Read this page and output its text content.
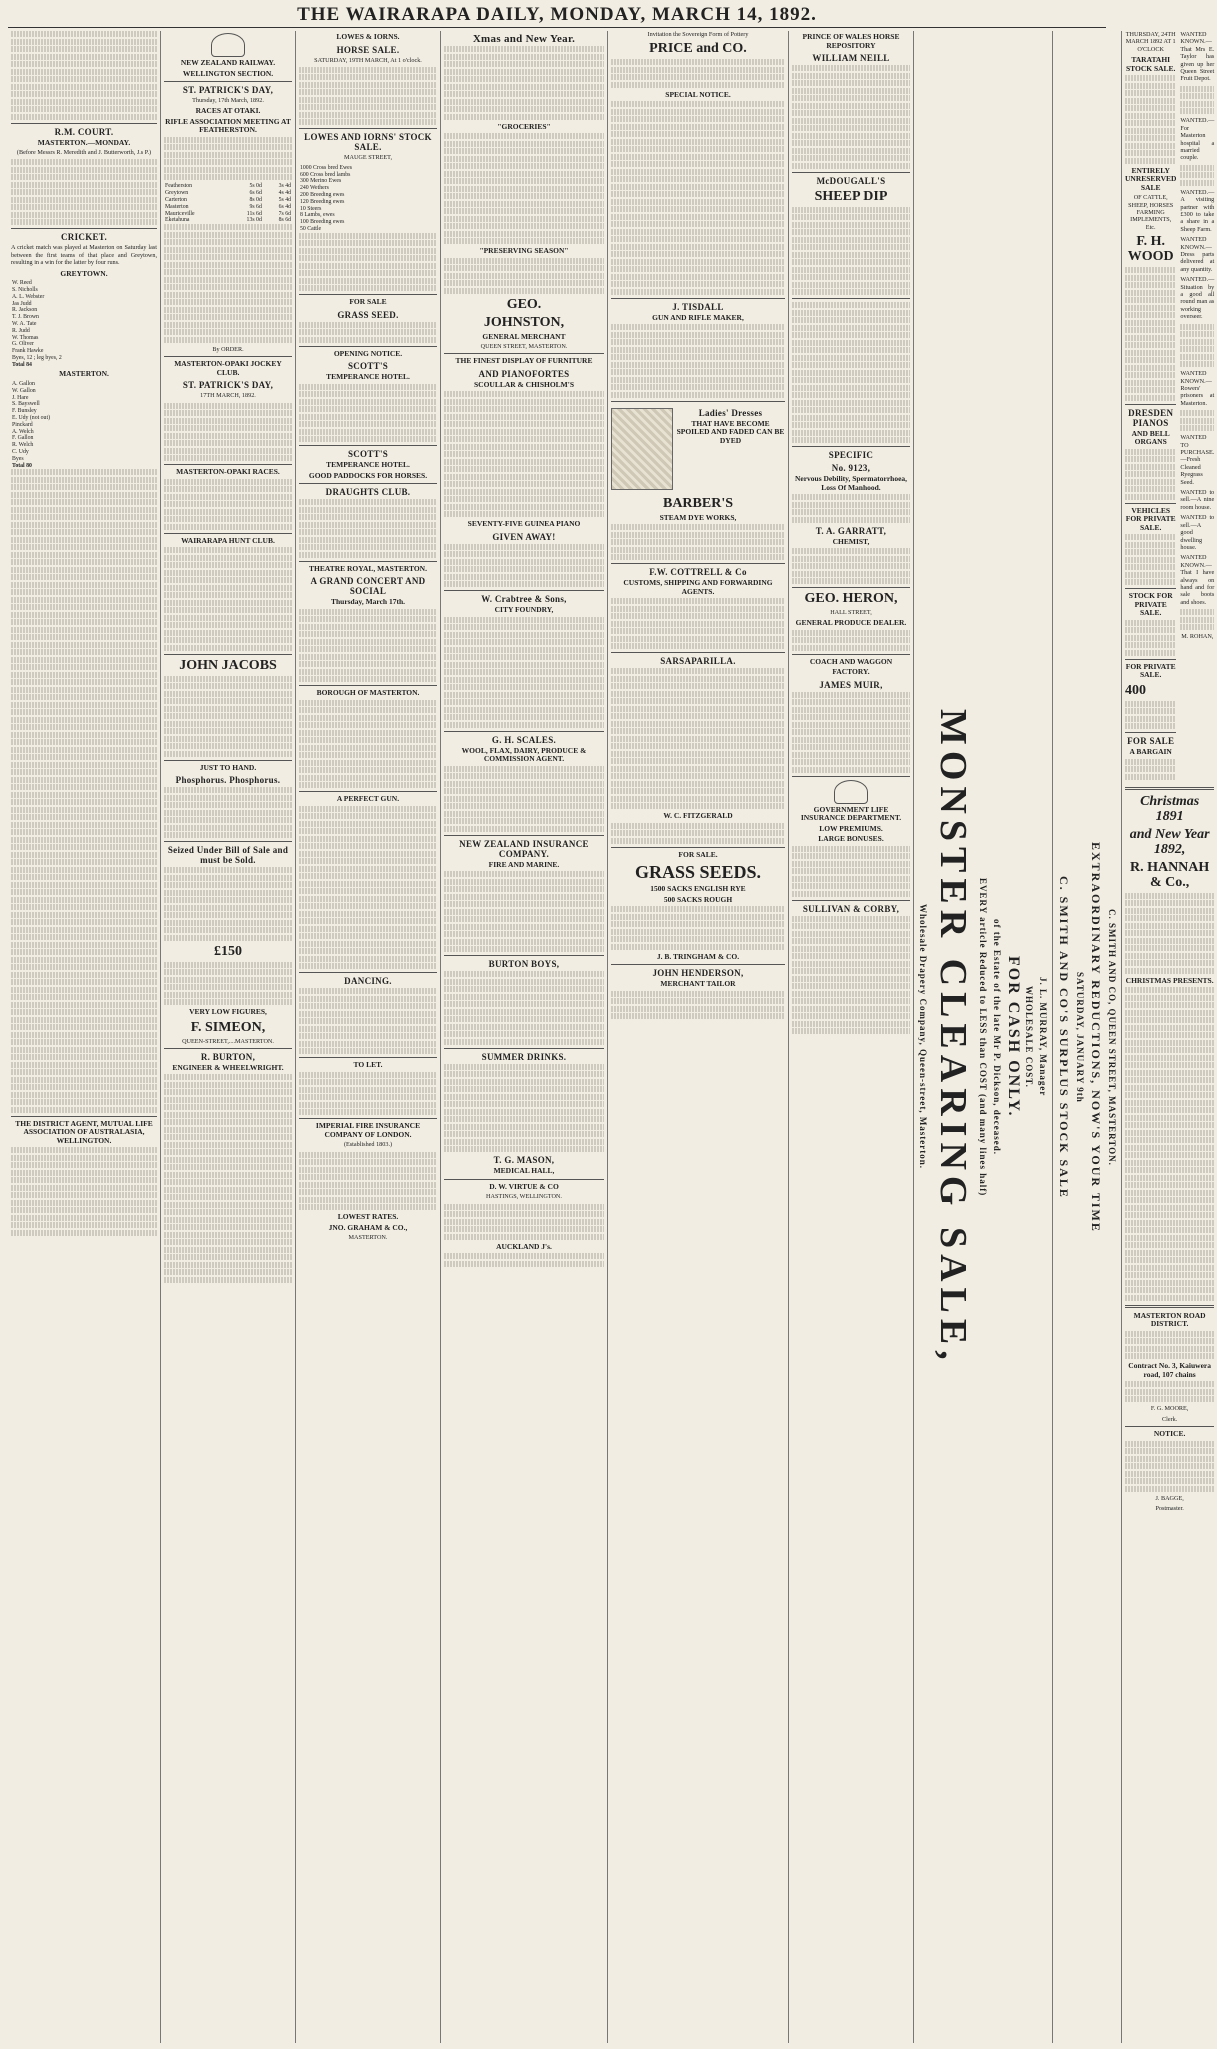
THE WAIRARAPA DAILY, MONDAY, MARCH 14, 1892.

R.M. COURT.
MASTERTON.—MONDAY.

(Before Messrs R. Meredith and J. Butterworth, J.s P.)

CRICKET.

A cricket match was played at Masterton on Saturday last between the first teams of that place and Greytown, resulting in a win for the latter by four runs.

GREYTOWN.
W. Reed
S. Nicholls
A. L. Webster
Jas Judd
R. Jackson
T. J. Brown
W. A. Tate
R. Judd
W. Thomas
G. Oliver
Frank Hawke
Byes, 12 ; leg byes, 2
Total 84
MASTERTON.
A. Gallon
W. Gallon
J. Hare
S. Bayswell
F. Bunsley
E. Udy (not out)
Pinckard
A. Welch
F. Gallon
R. Welch
C. Udy
Byes
Total 80

THE DISTRICT AGENT, MUTUAL LIFE ASSOCIATION OF AUSTRALASIA, WELLINGTON.

NEW ZEALAND RAILWAY.
WELLINGTON SECTION.
ST. PATRICK'S DAY,

Thursday, 17th March, 1892.

RACES AT OTAKI.
RIFLE ASSOCIATION MEETING AT FEATHERSTON.

Featherston	5s 0d	3s 4d
Greytown	6s 6d	4s 4d
Carterton	8s 0d	5s 4d
Masterton	9s 6d	6s 4d
Mauriceville	11s 6d	7s 6d
Eketahuna	13s 0d	8s 6d

By ORDER.

MASTERTON-OPAKI JOCKEY CLUB.
ST. PATRICK'S DAY,

17TH MARCH, 1892.

MASTERTON-OPAKI RACES.

WAIRARAPA HUNT CLUB.

JOHN JACOBS

JUST TO HAND.
Phosphorus. Phosphorus.

Seized Under Bill of Sale and must be Sold.

£150

VERY LOW FIGURES,
F. SIMEON,

QUEEN-STREET,....MASTERTON.

R. BURTON,
ENGINEER & WHEELWRIGHT.

LOWES & IORNS.
HORSE SALE.

SATURDAY, 19TH MARCH, At 1 o'clock.

LOWES AND IORNS' STOCK SALE.

MAUGE STREET,

1000 Cross bred Ewes
600 Cross bred lambs
300 Merino Ewes
240 Wethers
200 Breeding ewes
120 Breeding ewes
10 Steers
8 Lambs, ewes
100 Breeding ewes
50 Cattle

FOR SALE
GRASS SEED.

OPENING NOTICE.
SCOTT'S
TEMPERANCE HOTEL.

SCOTT'S
TEMPERANCE HOTEL.
GOOD PADDOCKS FOR HORSES.
DRAUGHTS CLUB.

THEATRE ROYAL, MASTERTON.
A GRAND CONCERT AND SOCIAL
Thursday, March 17th.

BOROUGH OF MASTERTON.

A PERFECT GUN.

DANCING.

TO LET.

IMPERIAL FIRE INSURANCE COMPANY OF LONDON.

(Established 1803.)

LOWEST RATES.
JNO. GRAHAM & CO.,

MASTERTON.

Xmas and New Year.

"GROCERIES"

"PRESERVING SEASON"

GEO.
JOHNSTON,
GENERAL MERCHANT

QUEEN STREET, MASTERTON.

THE FINEST DISPLAY OF FURNITURE
AND PIANOFORTES
SCOULLAR & CHISHOLM'S

SEVENTY-FIVE GUINEA PIANO
GIVEN AWAY!

W. Crabtree & Sons,
CITY FOUNDRY,

G. H. SCALES.
WOOL, FLAX, DAIRY, PRODUCE & COMMISSION AGENT.

NEW ZEALAND INSURANCE COMPANY.
FIRE AND MARINE.

BURTON BOYS,

SUMMER DRINKS.

T. G. MASON,
MEDICAL HALL,
D. W. VIRTUE & CO

HASTINGS, WELLINGTON.

AUCKLAND J's.

Invitation the Sovereign Form of Pottery

PRICE and CO.

SPECIAL NOTICE.

J. TISDALL
GUN AND RIFLE MAKER,

Ladies' Dresses
THAT HAVE BECOME SPOILED AND FADED CAN BE DYED
BARBER'S
STEAM DYE WORKS,

F.W. COTTRELL & Co
CUSTOMS, SHIPPING AND FORWARDING AGENTS.

SARSAPARILLA.

W. C. FITZGERALD

FOR SALE.
GRASS SEEDS.
1500 SACKS ENGLISH RYE
500 SACKS ROUGH

J. B. TRINGHAM & CO.
JOHN HENDERSON,
MERCHANT TAILOR

PRINCE OF WALES HORSE REPOSITORY
WILLIAM NEILL

McDOUGALL'S
SHEEP DIP

SPECIFIC
No. 9123,
Nervous Debility, Spermatorrhoea, Loss Of Manhood.

T. A. GARRATT,
CHEMIST,

GEO. HERON,

HALL STREET,

GENERAL PRODUCE DEALER.

COACH AND WAGGON
FACTORY.
JAMES MUIR,

GOVERNMENT LIFE INSURANCE DEPARTMENT.
LOW PREMIUMS.
LARGE BONUSES.

SULLIVAN & CORBY,	Wholesale Drapery Company, Queen-street, Masterton. MONSTER CLEARING SALE, EVERY article Reduced to LESS than COST (and many lines half) of the Estate of the late Mr P. Dickson, deceased. FOR CASH ONLY. WHOLESALE COST. J. L. MURRAY, Manager C. SMITH AND CO'S SURPLUS STOCK SALE SATURDAY, JANUARY 9th EXTRAORDINARY REDUCTIONS, NOW'S YOUR TIME C. SMITH AND CO, QUEEN STREET, MASTERTON.

THURSDAY, 24TH MARCH 1892 AT 1 O'CLOCK

TARATAHI STOCK SALE.

ENTIRELY UNRESERVED SALE

OF CATTLE, SHEEP, HORSES FARMING IMPLEMENTS, Etc.

F. H. WOOD

DRESDEN PIANOS
AND BELL ORGANS

VEHICLES FOR PRIVATE SALE.

STOCK FOR PRIVATE SALE.

FOR PRIVATE SALE.
400

FOR SALE
A BARGAIN

WANTED KNOWN.—That Mrs E. Taylor has given up her Queen Street Fruit Depot.

WANTED.—For Masterton hospital a married couple.

WANTED.—A visiting partner with £300 to take a share in a Sheep Farm.

WANTED KNOWN.—Dress parts delivered at any quantity.

WANTED.—Situation by a good all round man as working overseer.

WANTED KNOWN.—Rowers' prisoners at Masterton.

WANTED TO PURCHASE.—Fresh Cleaned Ryegrass Seed.

WANTED to sell.—A nine room house.

WANTED to sell.—A good dwelling house.

WANTED KNOWN.—That I have always on hand and for sale boots and shoes.

M. ROHAN,

Christmas 1891
and New Year 1892,
R. HANNAH & Co.,

CHRISTMAS PRESENTS.

MASTERTON ROAD DISTRICT.

Contract No. 3, Kaiuwera road, 107 chains

F. G. MOORE,

Clerk.

NOTICE.

J. BAGGE,

Postmaster.
